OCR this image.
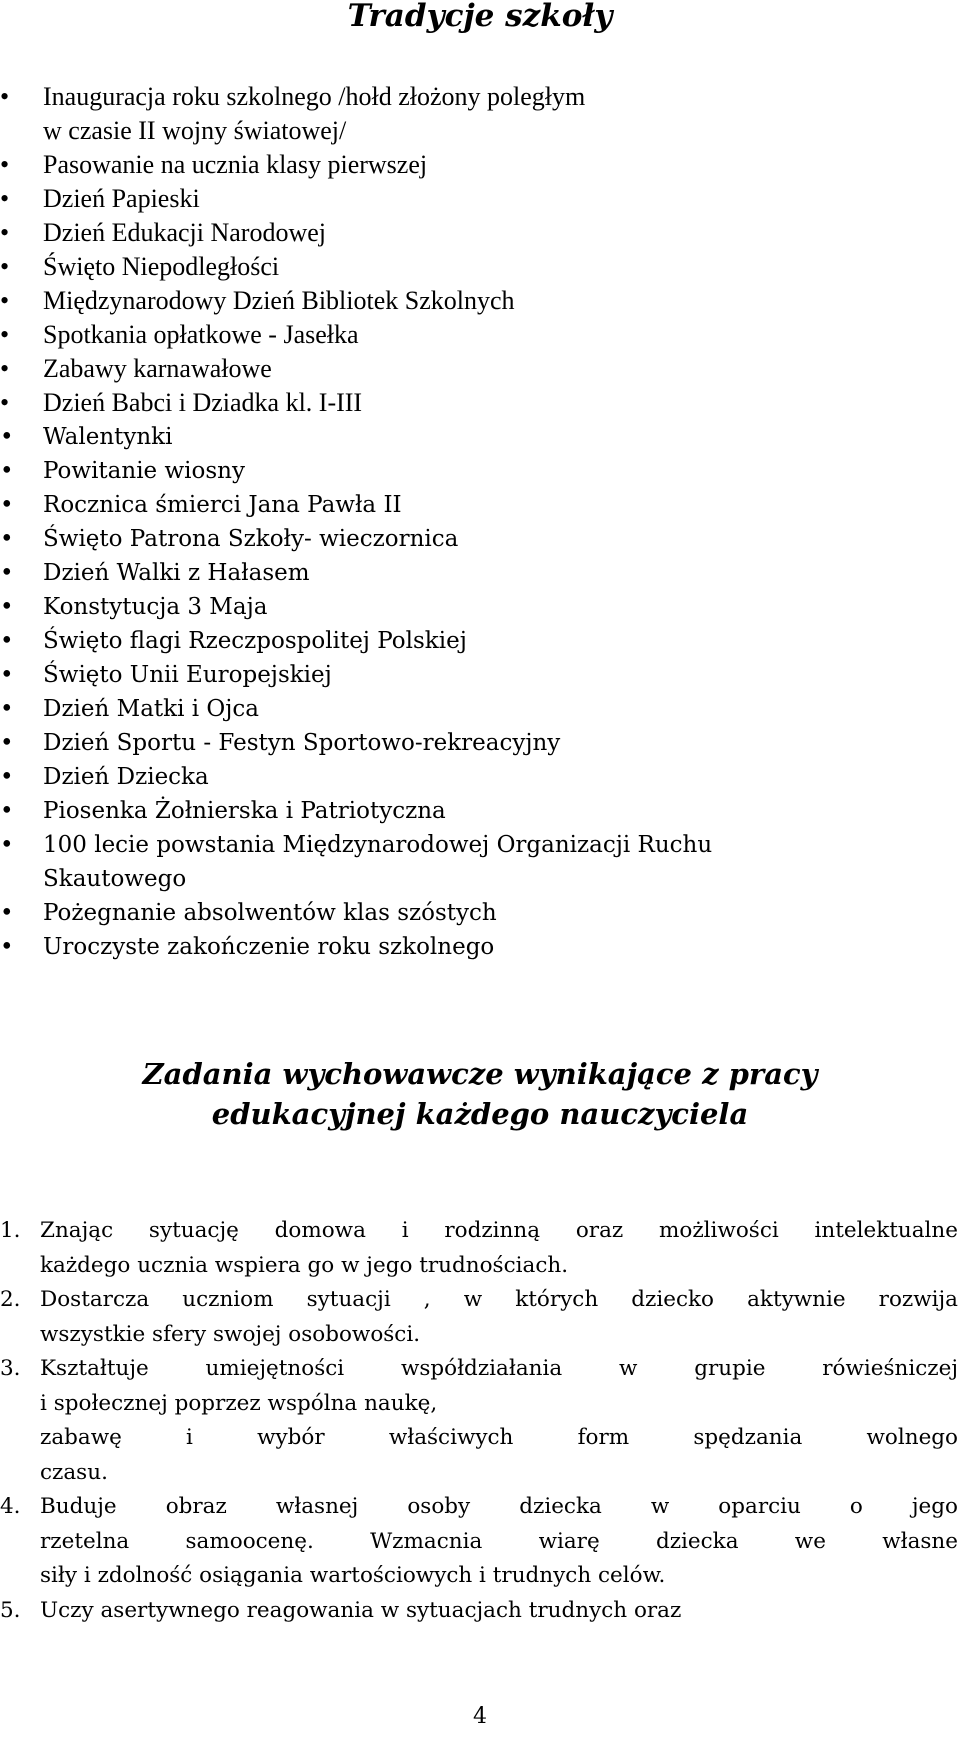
Tradycje szkoły
• Inauguracja roku szkolnego /hołd złożony poległym
w czasie II wojny światowej/
• Pasowanie na ucznia klasy pierwszej
• Dzień Papieski
• Dzień Edukacji Narodowej
• Święto Niepodległości
• Międzynarodowy Dzień Bibliotek Szkolnych
• Spotkania opłatkowe - Jasełka
• Zabawy karnawałowe
• Dzień Babci i Dziadka kl. I-III
• Walentynki
• Powitanie wiosny
• Rocznica śmierci Jana Pawła II
• Święto Patrona Szkoły- wieczornica
• Dzień Walki z Hałasem
• Konstytucja 3 Maja
• Święto flagi Rzeczpospolitej Polskiej
• Święto Unii Europejskiej
• Dzień Matki i Ojca
• Dzień Sportu - Festyn Sportowo-rekreacyjny
• Dzień Dziecka
• Piosenka Żołnierska i Patriotyczna
• 100 lecie powstania Międzynarodowej Organizacji Ruchu
Skautowego
• Pożegnanie absolwentów klas szóstych
• Uroczyste zakończenie roku szkolnego
Zadania wychowawcze wynikające z pracy
edukacyjnej każdego nauczyciela
1. Znając sytuację domowa i rodzinną oraz możliwości intelektualne
każdego ucznia wspiera go w jego trudnościach.
2. Dostarcza uczniom sytuacji , w których dziecko aktywnie rozwija
wszystkie sfery swojej osobowości.
3. Kształtuje umiejętności współdziałania w grupie rówieśniczej
i społecznej poprzez wspólna naukę,
zabawę i wybór właściwych form spędzania wolnego
czasu.
4. Buduje obraz własnej osoby dziecka w oparciu o jego
rzetelna samoocenę. Wzmacnia wiarę dziecka we własne
siły i zdolność osiągania wartościowych i trudnych celów.
5. Uczy asertywnego reagowania w sytuacjach trudnych oraz

4
